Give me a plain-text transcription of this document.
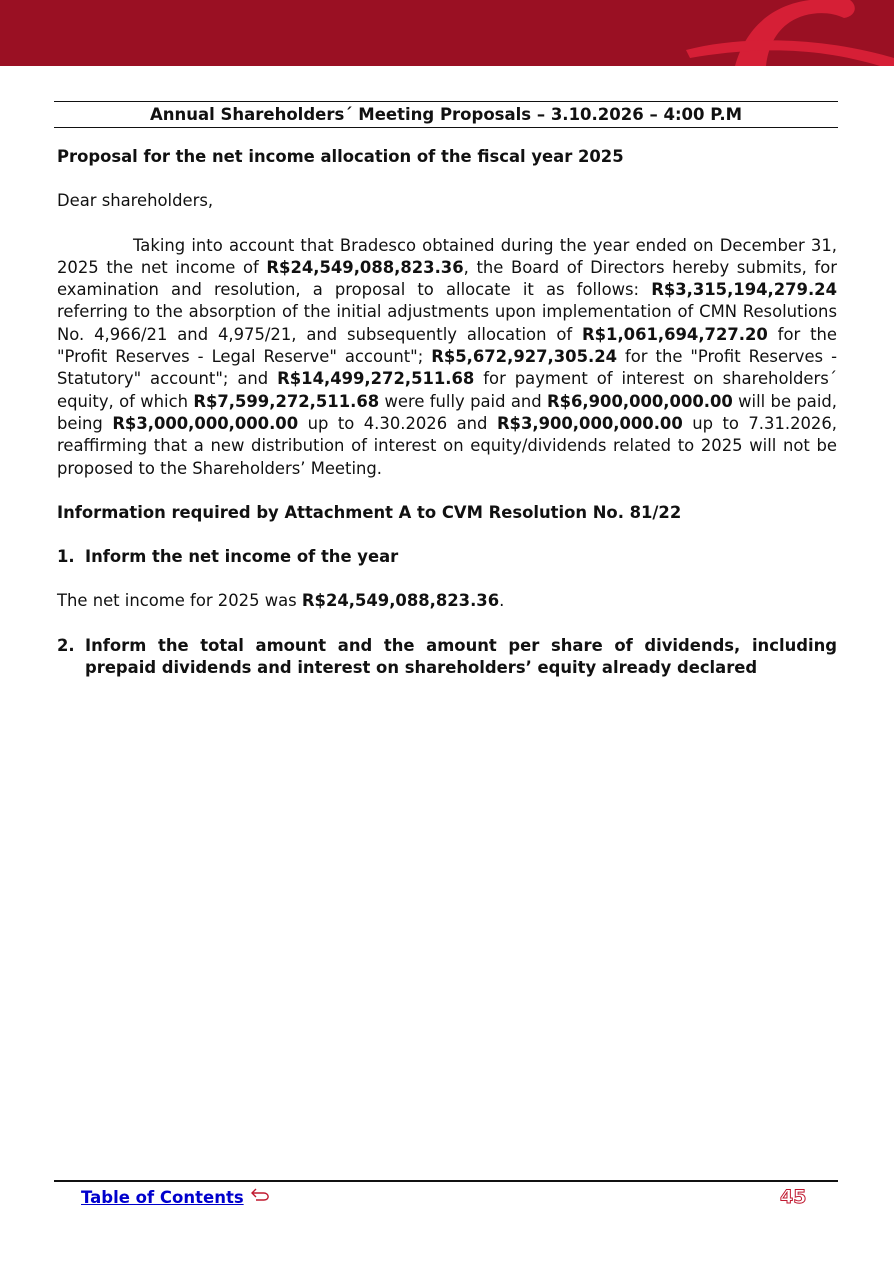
Annual Shareholders´ Meeting Proposals – 3.10.2026 – 4:00 P.M

Proposal for the net income allocation of the fiscal year 2025

Dear shareholders,

Taking into account that Bradesco obtained during the year ended on December 31, 2025 the net income of R$24,549,088,823.36, the Board of Directors hereby submits, for examination and resolution, a proposal to allocate it as follows: R$3,315,194,279.24 referring to the absorption of the initial adjustments upon implementation of CMN Resolutions No. 4,966/21 and 4,975/21, and subsequently allocation of R$1,061,694,727.20 for the "Profit Reserves - Legal Reserve" account"; R$5,672,927,305.24 for the "Profit Reserves - Statutory" account"; and R$14,499,272,511.68 for payment of interest on shareholders´ equity, of which R$7,599,272,511.68 were fully paid and R$6,900,000,000.00 will be paid, being R$3,000,000,000.00 up to 4.30.2026 and R$3,900,000,000.00 up to 7.31.2026, reaffirming that a new distribution of interest on equity/dividends related to 2025 will not be proposed to the Shareholders’ Meeting.

Information required by Attachment A to CVM Resolution No. 81/22

1. Inform the net income of the year

The net income for 2025 was R$24,549,088,823.36.

2. Inform the total amount and the amount per share of dividends, including prepaid dividends and interest on shareholders’ equity already declared
Table of Contents	45
